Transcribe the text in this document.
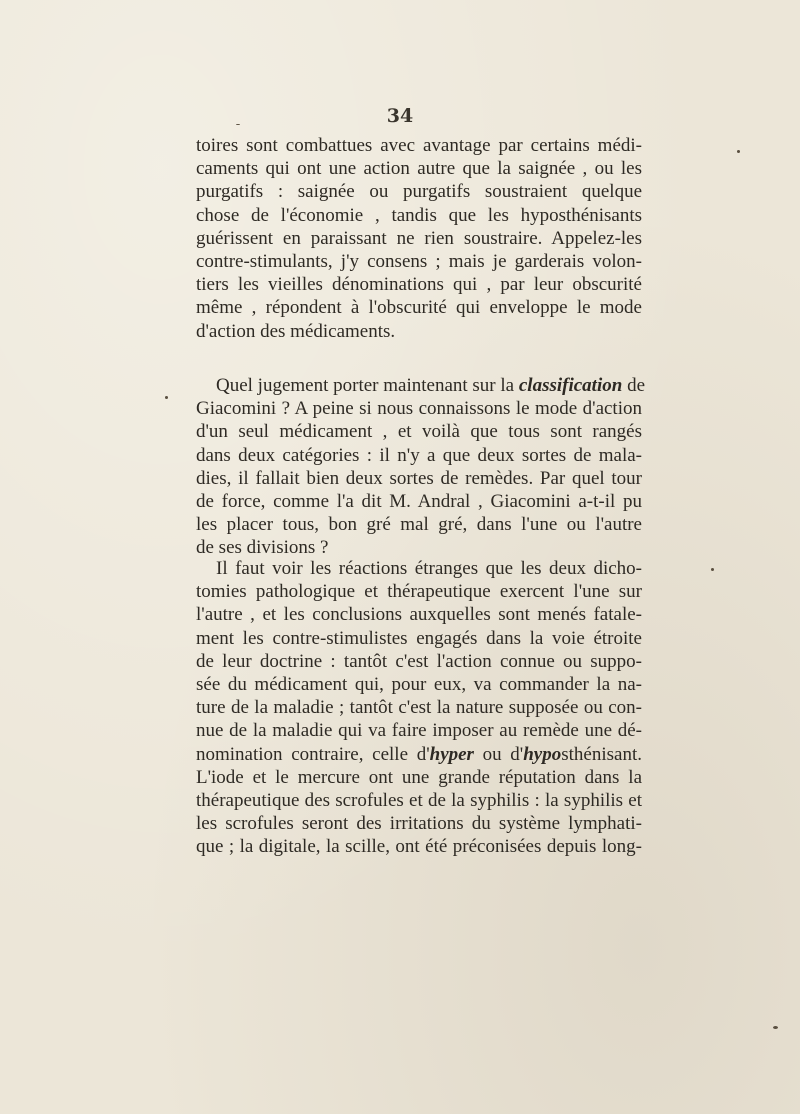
34
toires sont combattues avec avantage par certains médi-
caments qui ont une action autre que la saignée , ou les
purgatifs : saignée ou purgatifs soustraient quelque
chose de l'économie , tandis que les hyposthénisants
guérissent en paraissant ne rien soustraire. Appelez-les
contre-stimulants, j'y consens ; mais je garderais volon-
tiers les vieilles dénominations qui , par leur obscurité
même , répondent à l'obscurité qui enveloppe le mode
d'action des médicaments.
Quel jugement porter maintenant sur la classification de
Giacomini ? A peine si nous connaissons le mode d'action
d'un seul médicament , et voilà que tous sont rangés
dans deux catégories : il n'y a que deux sortes de mala-
dies, il fallait bien deux sortes de remèdes. Par quel tour
de force, comme l'a dit M. Andral , Giacomini a-t-il pu
les placer tous, bon gré mal gré, dans l'une ou l'autre
de ses divisions ?
Il faut voir les réactions étranges que les deux dicho-
tomies pathologique et thérapeutique exercent l'une sur
l'autre , et les conclusions auxquelles sont menés fatale-
ment les contre-stimulistes engagés dans la voie étroite
de leur doctrine : tantôt c'est l'action connue ou suppo-
sée du médicament qui, pour eux, va commander la na-
ture de la maladie ; tantôt c'est la nature supposée ou con-
nue de la maladie qui va faire imposer au remède une dé-
nomination contraire, celle d'hyper ou d'hyposthénisant.
L'iode et le mercure ont une grande réputation dans la
thérapeutique des scrofules et de la syphilis : la syphilis et
les scrofules seront des irritations du système lymphati-
que ; la digitale, la scille, ont été préconisées depuis long-
